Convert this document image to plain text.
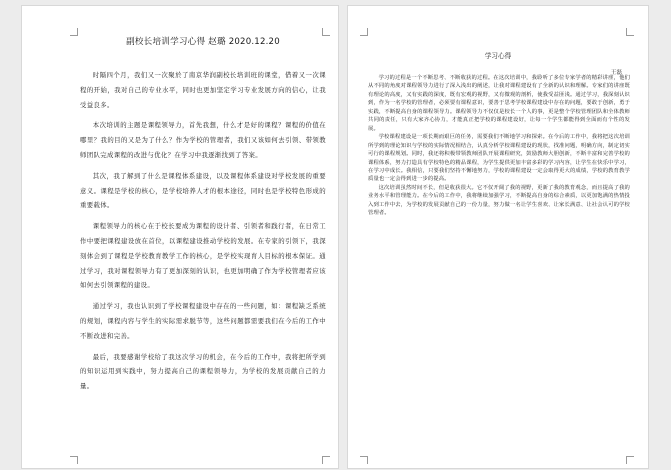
副校长培训学习心得 赵璐 2020.12.20

时隔四个月，我们又一次聚於了南京华润副校长培训班的课堂，借着又一次课程的开始，我对自己的专业水平，同时也更加坚定学习专业发展方向的信心，让我受益良多。

本次培训的主题是课程领导力，首先我想，什么才是好的课程？课程的价值在哪里？我的目的又是为了什么？作为学校的管理者，我们又该如何去引领、带领教师团队完成课程的改进与优化？在学习中我逐渐找到了答案。

其次，我了解到了什么是课程体系建设，以及课程体系建设对学校发展的重要意义。课程是学校的核心，是学校培养人才的根本途径，同时也是学校特色形成的重要载体。

课程领导力的核心在于校长要成为课程的设计者、引领者和践行者，在日常工作中要把课程建设放在首位，以课程建设推动学校的发展。在专家的引领下，我深刻体会到了课程是学校教育教学工作的核心，是学校实现育人目标的根本保证。通过学习，我对课程领导力有了更加深刻的认识，也更加明确了作为学校管理者应该如何去引领课程的建设。

通过学习，我也认识到了学校课程建设中存在的一些问题，如：课程缺乏系统的规划，课程内容与学生的实际需求脱节等，这些问题都需要我们在今后的工作中不断改进和完善。

最后，我要感谢学校给了我这次学习的机会，在今后的工作中，我将把所学到的知识运用到实践中，努力提高自己的课程领导力，为学校的发展贡献自己的力量。

学习心得
王磊

学习的过程是一个不断思考、不断收获的过程。在这次培训中，我聆听了多位专家学者的精彩讲座，他们从不同的角度对课程领导力进行了深入浅出的阐述，让我对课程建设有了全新的认识和理解。专家们的讲座既有理论的高度，又有实践的深度，既有宏观的视野，又有微观的剖析，使我受益匪浅。通过学习，我深刻认识到，作为一名学校的管理者，必须要有课程意识，要善于思考学校课程建设中存在的问题，要敢于创新，勇于实践，不断提高自身的课程领导力。课程领导力不仅仅是校长一个人的事，更是整个学校管理团队和全体教师共同的责任，只有大家齐心协力，才能真正把学校的课程建设好，让每一个学生都能得到全面而有个性的发展。

学校课程建设是一项长期而艰巨的任务，需要我们不断地学习和探索。在今后的工作中，我将把这次培训所学到的理论知识与学校的实际情况相结合，认真分析学校课程建设的现状，找准问题，明确方向，制定切实可行的课程规划。同时，我还将积极带领教师团队开展课程研究，鼓励教师大胆创新，不断丰富和完善学校的课程体系，努力打造具有学校特色的精品课程，为学生提供更加丰富多彩的学习内容，让学生在快乐中学习，在学习中成长。我相信，只要我们坚持不懈地努力，学校的课程建设一定会取得更大的成绩，学校的教育教学质量也一定会得到进一步的提高。

这次培训虽然时间不长，但是收获很大。它不仅开阔了我的视野，更新了我的教育观念，而且提高了我的业务水平和管理能力。在今后的工作中，我将继续加强学习，不断提高自身的综合素质，以更加饱满的热情投入到工作中去，为学校的发展贡献自己的一份力量，努力做一名让学生喜欢、让家长满意、让社会认可的学校管理者。
